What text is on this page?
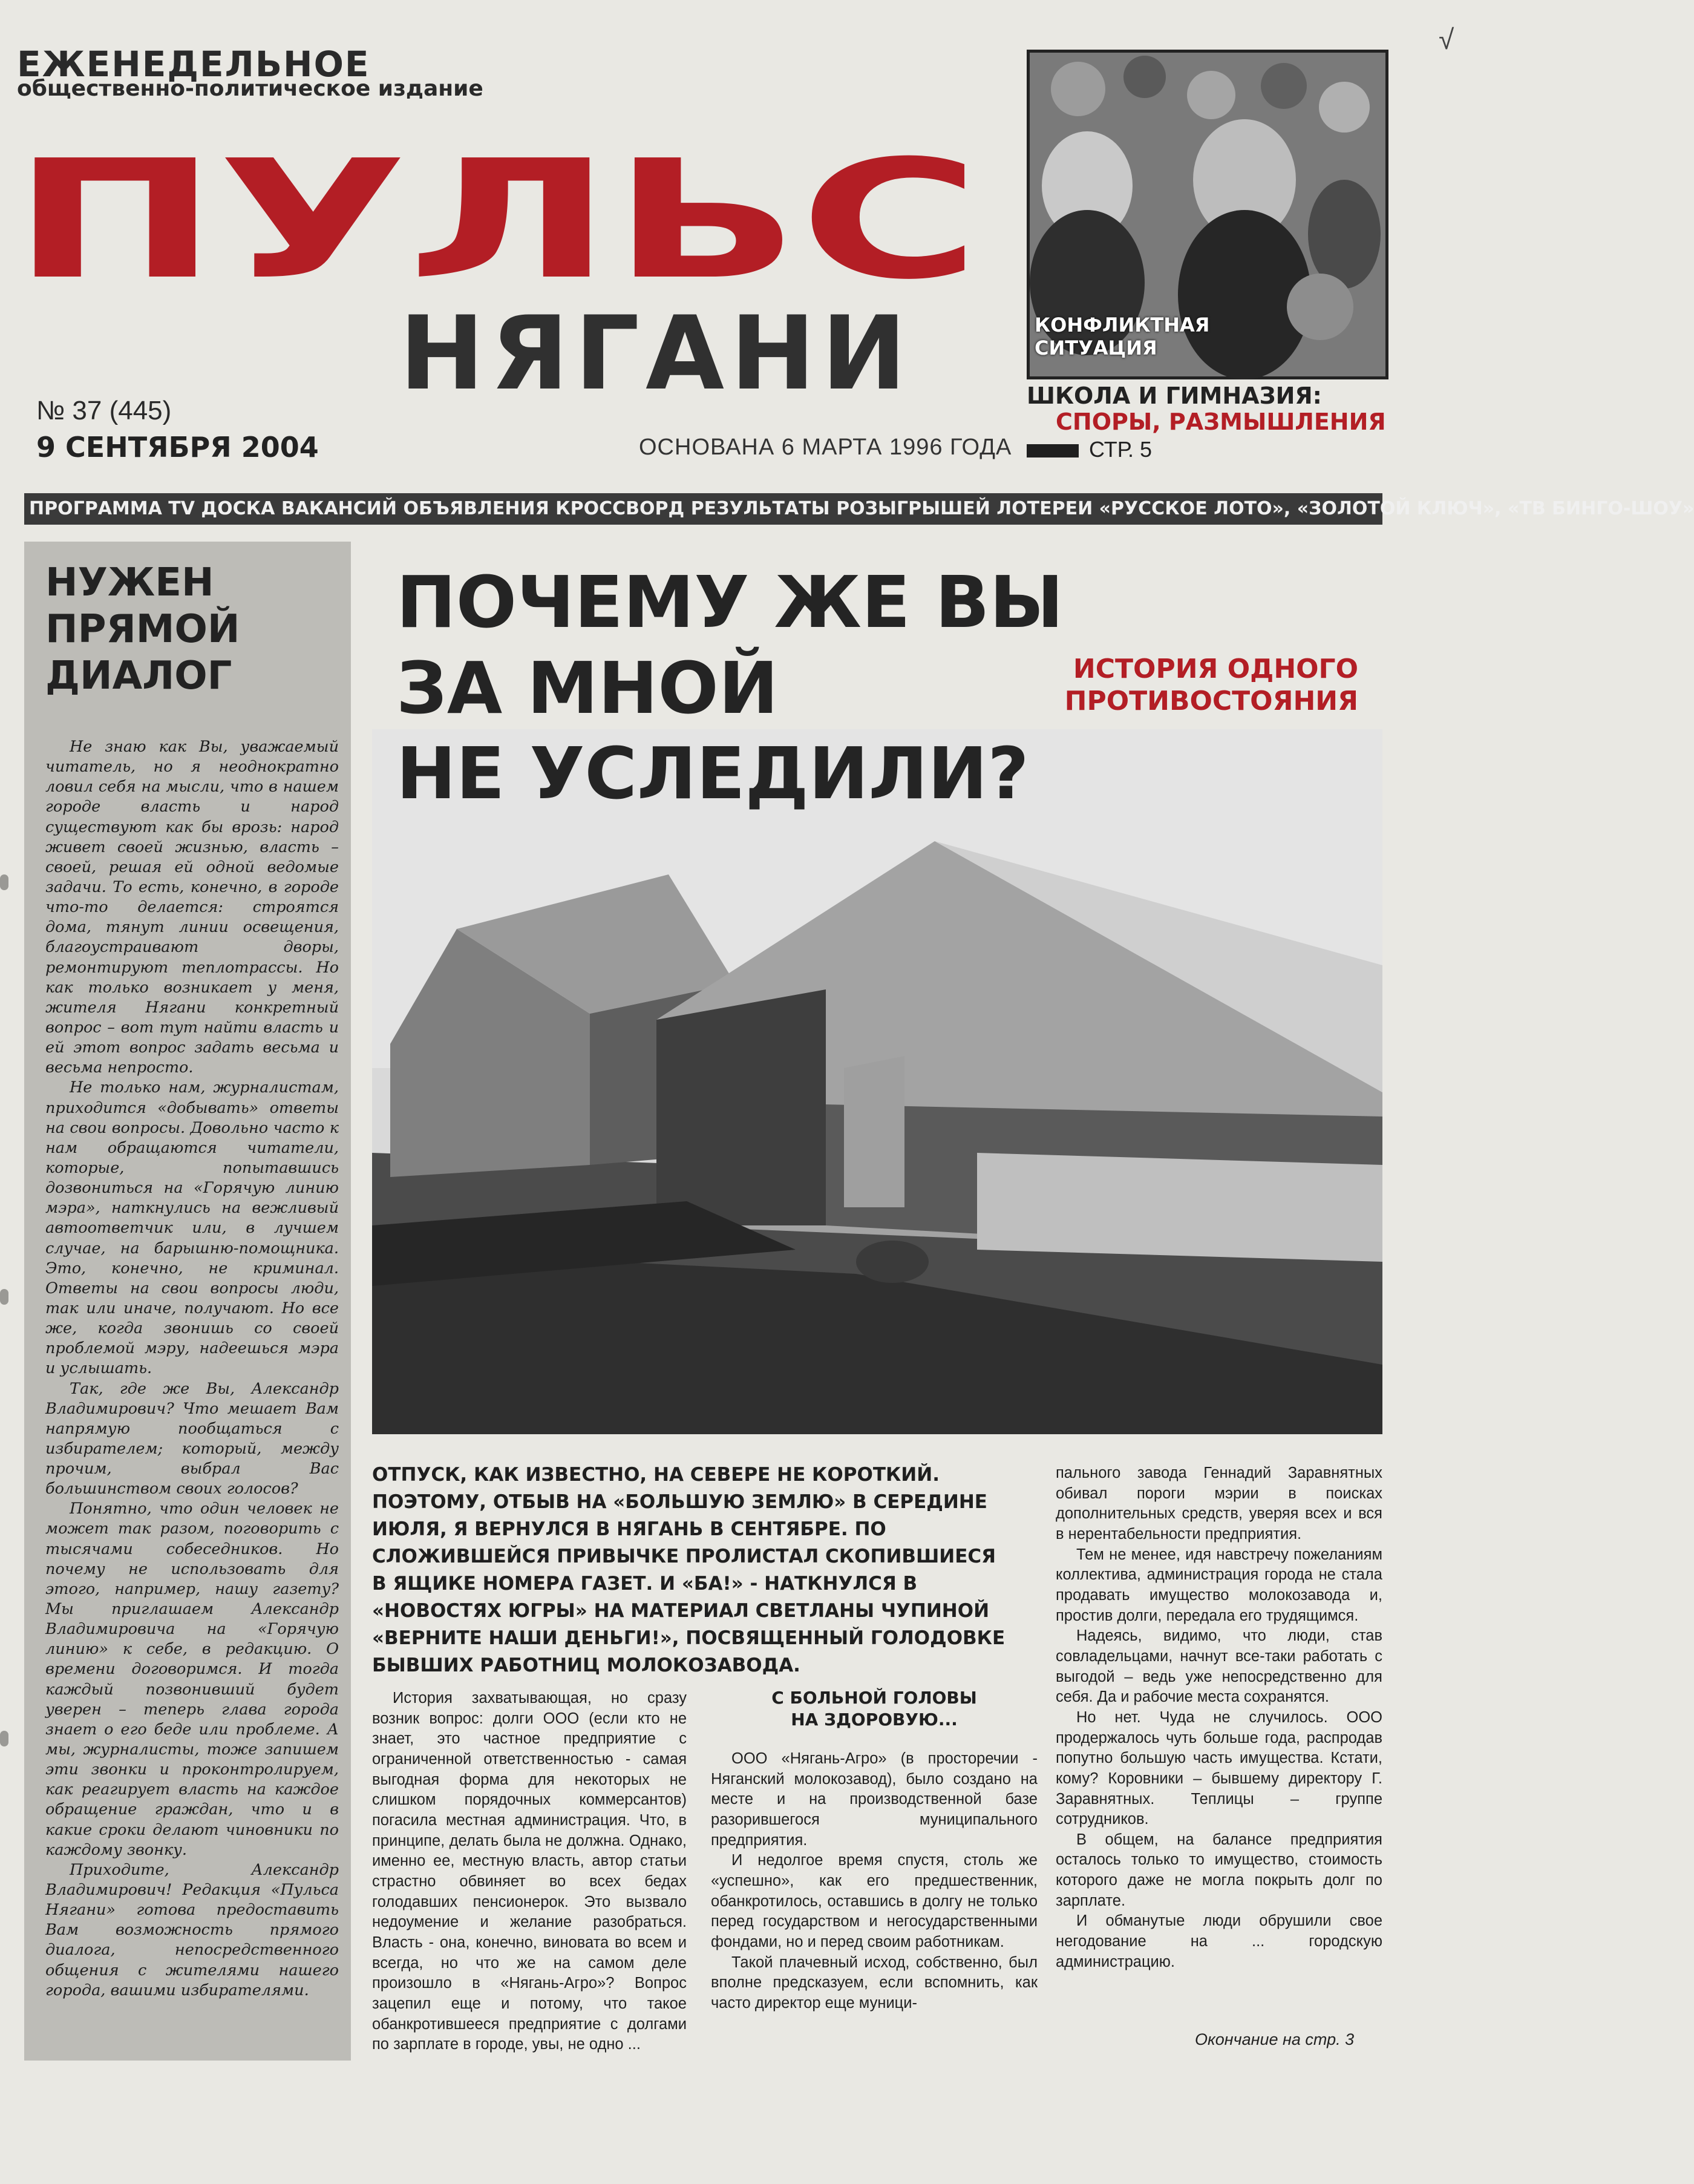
√
ЕЖЕНЕДЕЛЬНОЕ
общественно-политическое издание
ПУЛЬС
НЯГАНИ
№ 37 (445)
9 СЕНТЯБРЯ 2004	ОСНОВАНА 6 МАРТА 1996 ГОДА
КОНФЛИКТНАЯ СИТУАЦИЯ
ШКОЛА И ГИМНАЗИЯ:
СПОРЫ, РАЗМЫШЛЕНИЯ
СТР. 5
ПРОГРАММА TV ДОСКА ВАКАНСИЙ ОБЪЯВЛЕНИЯ КРОССВОРД РЕЗУЛЬТАТЫ РОЗЫГРЫШЕЙ ЛОТЕРЕИ «РУССКОЕ ЛОТО», «ЗОЛОТОЙ КЛЮЧ», «ТВ БИНГО-ШОУ»
НУЖЕН
ПРЯМОЙ
ДИАЛОГ

Не знаю как Вы, уважаемый читатель, но я неоднократно ловил себя на мысли, что в нашем городе власть и народ существуют как бы врозь: народ живет своей жизнью, власть – своей, решая ей одной ведомые задачи. То есть, конечно, в городе что-то делается: строятся дома, тянут линии освещения, благоустраивают дворы, ремонтируют теплотрассы. Но как только возникает у меня, жителя Нягани конкретный вопрос – вот тут найти власть и ей этот вопрос задать весьма и весьма непросто.

Не только нам, журналистам, приходится «добывать» ответы на свои вопросы. Довольно часто к нам обращаются читатели, которые, попытавшись дозвониться на «Горячую линию мэра», наткнулись на вежливый автоответчик или, в лучшем случае, на барышню-помощника. Это, конечно, не криминал. Ответы на свои вопросы люди, так или иначе, получают. Но все же, когда звонишь со своей проблемой мэру, надеешься мэра и услышать.

Так, где же Вы, Александр Владимирович? Что мешает Вам напрямую пообщаться с избирателем; который, между прочим, выбрал Вас большинством своих голосов?

Понятно, что один человек не может так разом, поговорить с тысячами собеседников. Но почему не использовать для этого, например, нашу газету? Мы приглашаем Александр Владимировича на «Горячую линию» к себе, в редакцию. О времени договоримся. И тогда каждый позвонивший будет уверен – теперь глава города знает о его беде или проблеме. А мы, журналисты, тоже запишем эти звонки и проконтролируем, как реагирует власть на каждое обращение граждан, что и в какие сроки делают чиновники по каждому звонку.

Приходите, Александр Владимирович! Редакция «Пульса Нягани» готова предоставить Вам возможность прямого диалога, непосредственного общения с жителями нашего города, вашими избирателями.

ПОЧЕМУ ЖЕ ВЫ
ЗА МНОЙ
НЕ УСЛЕДИЛИ?
ИСТОРИЯ ОДНОГО
ПРОТИВОСТОЯНИЯ
ОТПУСК, КАК ИЗВЕСТНО, НА СЕВЕРЕ НЕ КОРОТКИЙ. ПОЭТОМУ, ОТБЫВ НА «БОЛЬШУЮ ЗЕМЛЮ» В СЕРЕДИНЕ ИЮЛЯ, Я ВЕРНУЛСЯ В НЯГАНЬ В СЕНТЯБРЕ. ПО СЛОЖИВШЕЙСЯ ПРИВЫЧКЕ ПРОЛИСТАЛ СКОПИВШИЕСЯ В ЯЩИКЕ НОМЕРА ГАЗЕТ. И «БА!» - НАТКНУЛСЯ В «НОВОСТЯХ ЮГРЫ» НА МАТЕРИАЛ СВЕТЛАНЫ ЧУПИНОЙ «ВЕРНИТЕ НАШИ ДЕНЬГИ!», ПОСВЯЩЕННЫЙ ГОЛОДОВКЕ БЫВШИХ РАБОТНИЦ МОЛОКОЗАВОДА.

История захватывающая, но сразу возник вопрос: долги ООО (если кто не знает, это частное предприятие с ограниченной ответственностью - самая выгодная форма для некоторых не слишком порядочных коммерсантов) погасила местная администрация. Что, в принципе, делать была не должна. Однако, именно ее, местную власть, автор статьи страстно обвиняет во всех бедах голодавших пенсионерок. Это вызвало недоумение и желание разобраться. Власть - она, конечно, виновата во всем и всегда, но что же на самом деле произошло в «Нягань-Агро»? Вопрос зацепил еще и потому, что такое обанкротившееся предприятие с долгами по зарплате в городе, увы, не одно ...

С БОЛЬНОЙ ГОЛОВЫ
НА ЗДОРОВУЮ...

ООО «Нягань-Агро» (в просторечии - Няганский молокозавод), было создано на месте и на производственной базе разорившегося муниципального предприятия.

И недолгое время спустя, столь же «успешно», как его предшественник, обанкротилось, оставшись в долгу не только перед государством и негосударственными фондами, но и перед своим работникам.

Такой плачевный исход, собственно, был вполне предсказуем, если вспомнить, как часто директор еще муници-

пального завода Геннадий Заравнятных обивал пороги мэрии в поисках дополнительных средств, уверяя всех и вся в нерентабельности предприятия.

Тем не менее, идя навстречу пожеланиям коллектива, администрация города не стала продавать имущество молокозавода и, простив долги, передала его трудящимся.

Надеясь, видимо, что люди, став совладельцами, начнут все-таки работать с выгодой – ведь уже непосредственно для себя. Да и рабочие места сохранятся.

Но нет. Чуда не случилось. ООО продержалось чуть больше года, распродав попутно большую часть имущества. Кстати, кому? Коровники – бывшему директору Г. Заравнятных. Теплицы – группе сотрудников.

В общем, на балансе предприятия осталось только то имущество, стоимость которого даже не могла покрыть долг по зарплате.

И обманутые люди обрушили свое негодование на ... городскую администрацию.

Окончание на стр. 3
